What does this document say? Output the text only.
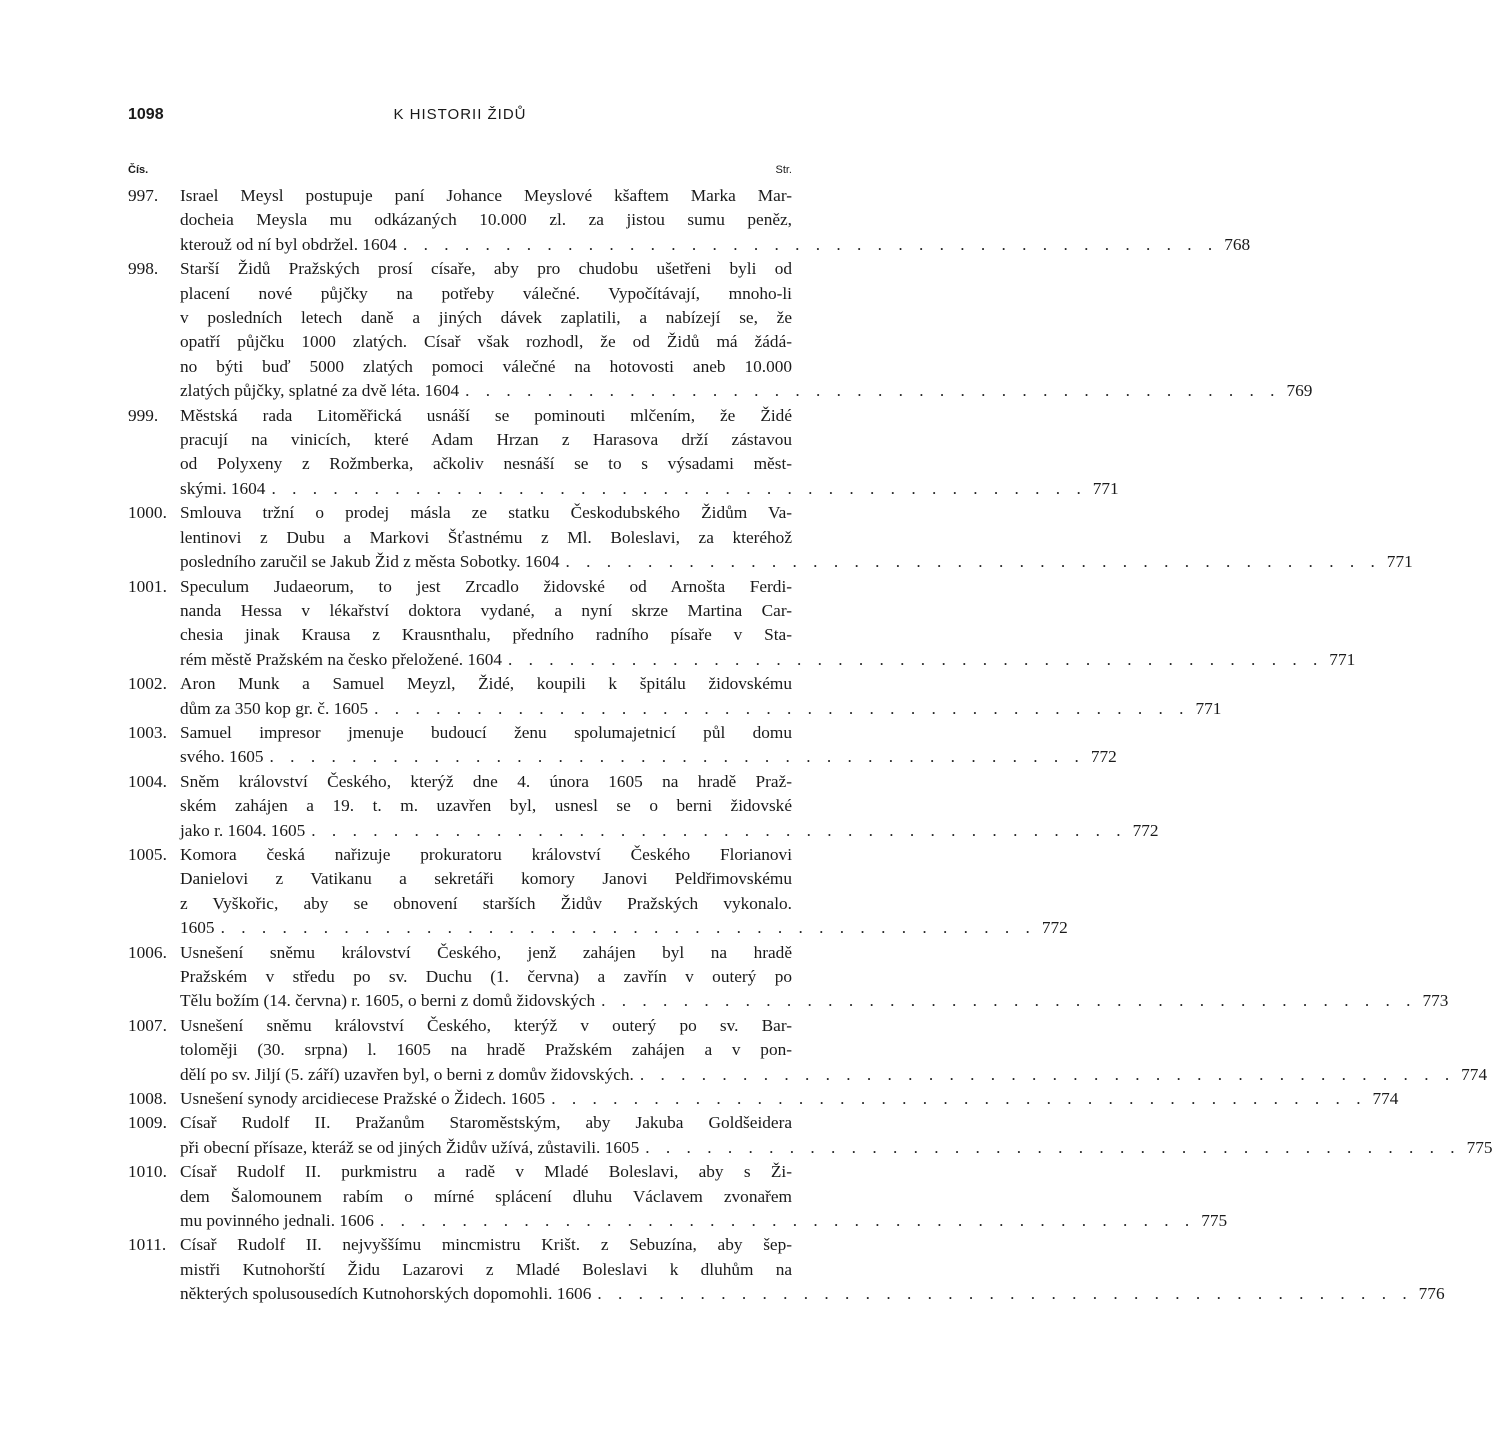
1098	K HISTORII ŽIDŮ
Čís.	Str.
997. Israel Meysl postupuje paní Johance Meyslové kšaftem Marka Mar-
docheia Meysla mu odkázaných 10.000 zl. za jistou sumu peněz,
kterouž od ní byl obdržel. 1604 . . . . . . . . . . . . . . . . . . . . . . . . . . . . . . . . . . . . . . . . 768
998. Starší Židů Pražských prosí císaře, aby pro chudobu ušetřeni byli od
placení nové půjčky na potřeby válečné. Vypočítávají, mnoho-li
v posledních letech daně a jiných dávek zaplatili, a nabízejí se, že
opatří půjčku 1000 zlatých. Císař však rozhodl, že od Židů má žádá-
no býti buď 5000 zlatých pomoci válečné na hotovosti aneb 10.000
zlatých půjčky, splatné za dvě léta. 1604 . . . . . . . . . . . . . . . . . . . . . . . . . . . . . . . . . . . . . . . . 769
999. Městská rada Litoměřická usnáší se pominouti mlčením, že Židé
pracují na vinicích, které Adam Hrzan z Harasova drží zástavou
od Polyxeny z Rožmberka, ačkoliv nesnáší se to s výsadami měst-
skými. 1604 . . . . . . . . . . . . . . . . . . . . . . . . . . . . . . . . . . . . . . . . 771
1000. Smlouva tržní o prodej másla ze statku Českodubského Židům Va-
lentinovi z Dubu a Markovi Šťastnému z Ml. Boleslavi, za kteréhož
posledního zaručil se Jakub Žid z města Sobotky. 1604 . . . . . . . . . . . . . . . . . . . . . . . . . . . . . . . . . . . . . . . . 771
1001. Speculum Judaeorum, to jest Zrcadlo židovské od Arnošta Ferdi-
nanda Hessa v lékařství doktora vydané, a nyní skrze Martina Car-
chesia jinak Krausa z Krausnthalu, předního radního písaře v Sta-
rém městě Pražském na česko přeložené. 1604 . . . . . . . . . . . . . . . . . . . . . . . . . . . . . . . . . . . . . . . . 771
1002. Aron Munk a Samuel Meyzl, Židé, koupili k špitálu židovskému
dům za 350 kop gr. č. 1605 . . . . . . . . . . . . . . . . . . . . . . . . . . . . . . . . . . . . . . . . 771
1003. Samuel impresor jmenuje budoucí ženu spolumajetnicí půl domu
svého. 1605 . . . . . . . . . . . . . . . . . . . . . . . . . . . . . . . . . . . . . . . . 772
1004. Sněm království Českého, kterýž dne 4. února 1605 na hradě Praž-
ském zahájen a 19. t. m. uzavřen byl, usnesl se o berni židovské
jako r. 1604. 1605 . . . . . . . . . . . . . . . . . . . . . . . . . . . . . . . . . . . . . . . . 772
1005. Komora česká nařizuje prokuratoru království Českého Florianovi
Danielovi z Vatikanu a sekretáři komory Janovi Peldřimovskému
z Vyškořic, aby se obnovení starších Židův Pražských vykonalo.
1605 . . . . . . . . . . . . . . . . . . . . . . . . . . . . . . . . . . . . . . . . 772
1006. Usnešení sněmu království Českého, jenž zahájen byl na hradě
Pražském v středu po sv. Duchu (1. června) a zavřín v outerý po
Tělu božím (14. června) r. 1605, o berni z domů židovských . . . . . . . . . . . . . . . . . . . . . . . . . . . . . . . . . . . . . . . . 773
1007. Usnešení sněmu království Českého, kterýž v outerý po sv. Bar-
toloměji (30. srpna) l. 1605 na hradě Pražském zahájen a v pon-
dělí po sv. Jiljí (5. září) uzavřen byl, o berni z domův židovských. . . . . . . . . . . . . . . . . . . . . . . . . . . . . . . . . . . . . . . . . 774
1008. Usnešení synody arcidiecese Pražské o Židech. 1605 . . . . . . . . . . . . . . . . . . . . . . . . . . . . . . . . . . . . . . . . 774
1009. Císař Rudolf II. Pražanům Staroměstským, aby Jakuba Goldšeidera
při obecní přísaze, kteráž se od jiných Židův užívá, zůstavili. 1605 . . . . . . . . . . . . . . . . . . . . . . . . . . . . . . . . . . . . . . . . 775
1010. Císař Rudolf II. purkmistru a radě v Mladé Boleslavi, aby s Ži-
dem Šalomounem rabím o mírné splácení dluhu Václavem zvonařem
mu povinného jednali. 1606 . . . . . . . . . . . . . . . . . . . . . . . . . . . . . . . . . . . . . . . . 775
1011. Císař Rudolf II. nejvyššímu mincmistru Krišt. z Sebuzína, aby šep-
mistři Kutnohorští Židu Lazarovi z Mladé Boleslavi k dluhům na
některých spolusousedích Kutnohorských dopomohli. 1606 . . . . . . . . . . . . . . . . . . . . . . . . . . . . . . . . . . . . . . . . 776
